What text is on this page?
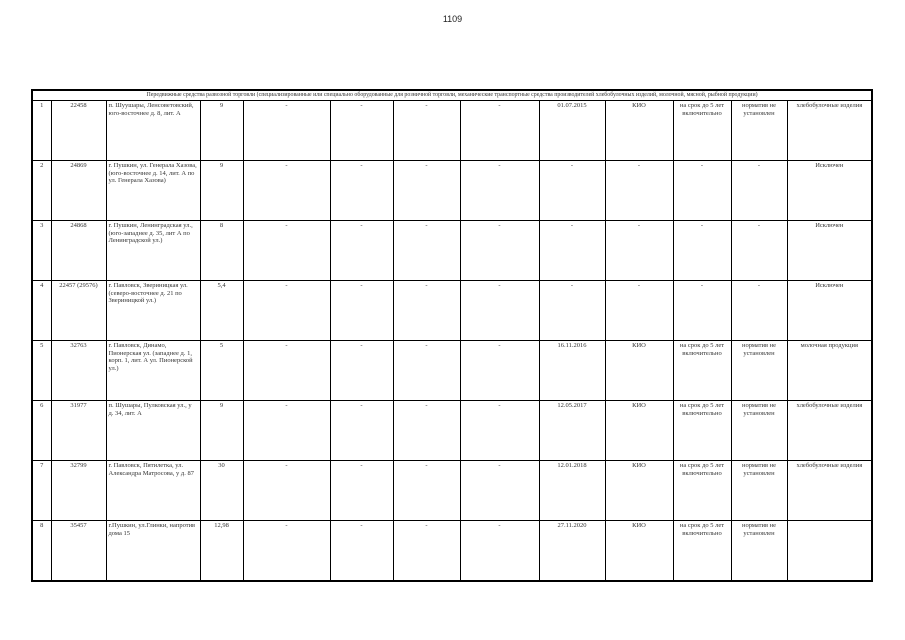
1109
Передвижные средства развозной торговли (специализированные или специально оборудованные для розничной торговли, механические транспортные средства производителей хлебобулочных изделий, молочной, мясной, рыбной продукции)												
1	22458	п. Шуушары, Ленсоветовский, юго-восточнее д. 8, лит. А	9	-	-	-	-	01.07.2015	КИО	на срок до 5 лет включительно	норматив не установлен	хлебобулочные изделия
2	24869	г. Пушкин, ул. Генерала Хазова, (юго-восточнее д. 14, лит. А по ул. Генерала Хазова)	9	-	-	-	-	-	-	-	-	Исключен
3	24868	г. Пушкин, Ленинградская ул., (юго-западнее д. 35, лит А по Ленинградской ул.)	8	-	-	-	-	-	-	-	-	Исключен
4	22457 (29576)	г. Павловск, Звериницкая ул. (северо-восточнее д. 21 по Звериницкой ул.)	5,4	-	-	-	-	-	-	-	-	Исключен
5	32763	г. Павловск, Динамо, Пионерская ул. (западнее д. 1, корп. 1, лит. А ул. Пионерской ул.)	5	-	-	-	-	16.11.2016	КИО	на срок до 5 лет включительно	норматив не установлен	молочная продукция
6	31977	п. Шушары, Пулковская ул., у д. 34, лит. А	9	-	-	-	-	12.05.2017	КИО	на срок до 5 лет включительно	норматив не установлен	хлебобулочные изделия
7	32799	г. Павловск, Пятилетка, ул. Александра Матросова, у д. 87	30	-	-	-	-	12.01.2018	КИО	на срок до 5 лет включительно	норматив не установлен	хлебобулочные изделия
8	35457	г.Пушкин, ул.Глинки, напротив дома 15	12,98	-	-	-	-	27.11.2020	КИО	на срок до 5 лет включительно	норматив не установлен	
